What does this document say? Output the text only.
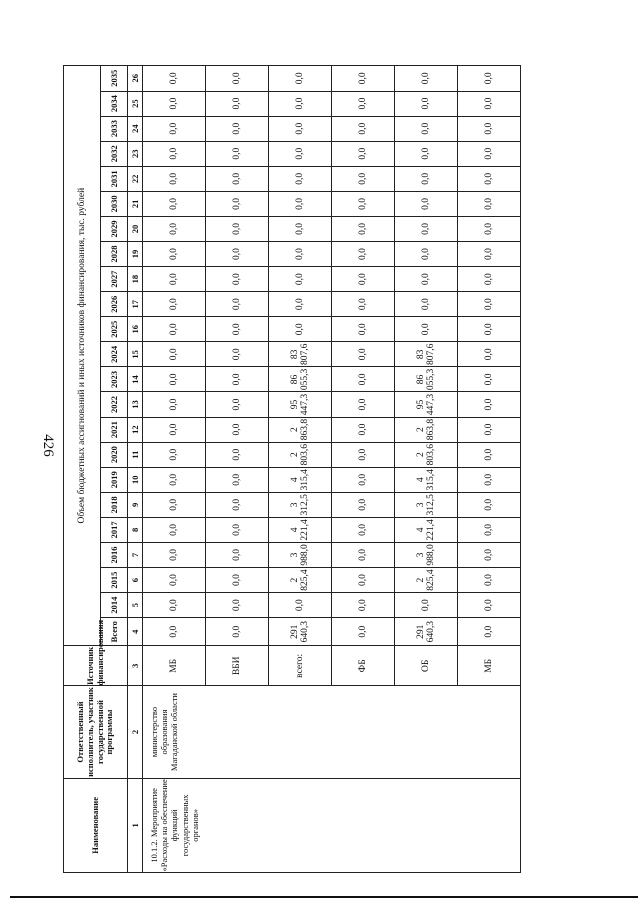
426
Наименование	Ответственный исполнитель, участник государственной программы	Источник финансирования	Объем бюджетных ассигнований и иных источников финансирования, тыс. рублей																						
			Всего	2014	2015	2016	2017	2018	2019	2020	2021	2022	2023	2024	2025	2026	2027	2028	2029	2030	2031	2032	2033	2034	2035
1	2	3	4	5	6	7	8	9	10	11	12	13	14	15	16	17	18	19	20	21	22	23	24	25	26
10.1.2. Мероприятие «Расходы на обеспечение функций государственных органов»	министерство образования Магаданской области	МБ	0,0	0,0	0,0	0,0	0,0	0,0	0,0	0,0	0,0	0,0	0,0	0,0	0,0	0,0	0,0	0,0	0,0	0,0	0,0	0,0	0,0	0,0	0,0
		ВБИ	0,0	0,0	0,0	0,0	0,0	0,0	0,0	0,0	0,0	0,0	0,0	0,0	0,0	0,0	0,0	0,0	0,0	0,0	0,0	0,0	0,0	0,0	0,0
		всего:	291 640,3	0,0	2 825,4	3 988,0	4 221,4	3 312,5	4 315,4	2 803,6	2 863,8	95 447,3	86 055,3	83 807,6	0,0	0,0	0,0	0,0	0,0	0,0	0,0	0,0	0,0	0,0	0,0
		ФБ	0,0	0,0	0,0	0,0	0,0	0,0	0,0	0,0	0,0	0,0	0,0	0,0	0,0	0,0	0,0	0,0	0,0	0,0	0,0	0,0	0,0	0,0	0,0
		ОБ	291 640,3	0,0	2 825,4	3 988,0	4 221,4	3 312,5	4 315,4	2 803,6	2 863,8	95 447,3	86 055,3	83 807,6	0,0	0,0	0,0	0,0	0,0	0,0	0,0	0,0	0,0	0,0	0,0
		МБ	0,0	0,0	0,0	0,0	0,0	0,0	0,0	0,0	0,0	0,0	0,0	0,0	0,0	0,0	0,0	0,0	0,0	0,0	0,0	0,0	0,0	0,0	0,0
